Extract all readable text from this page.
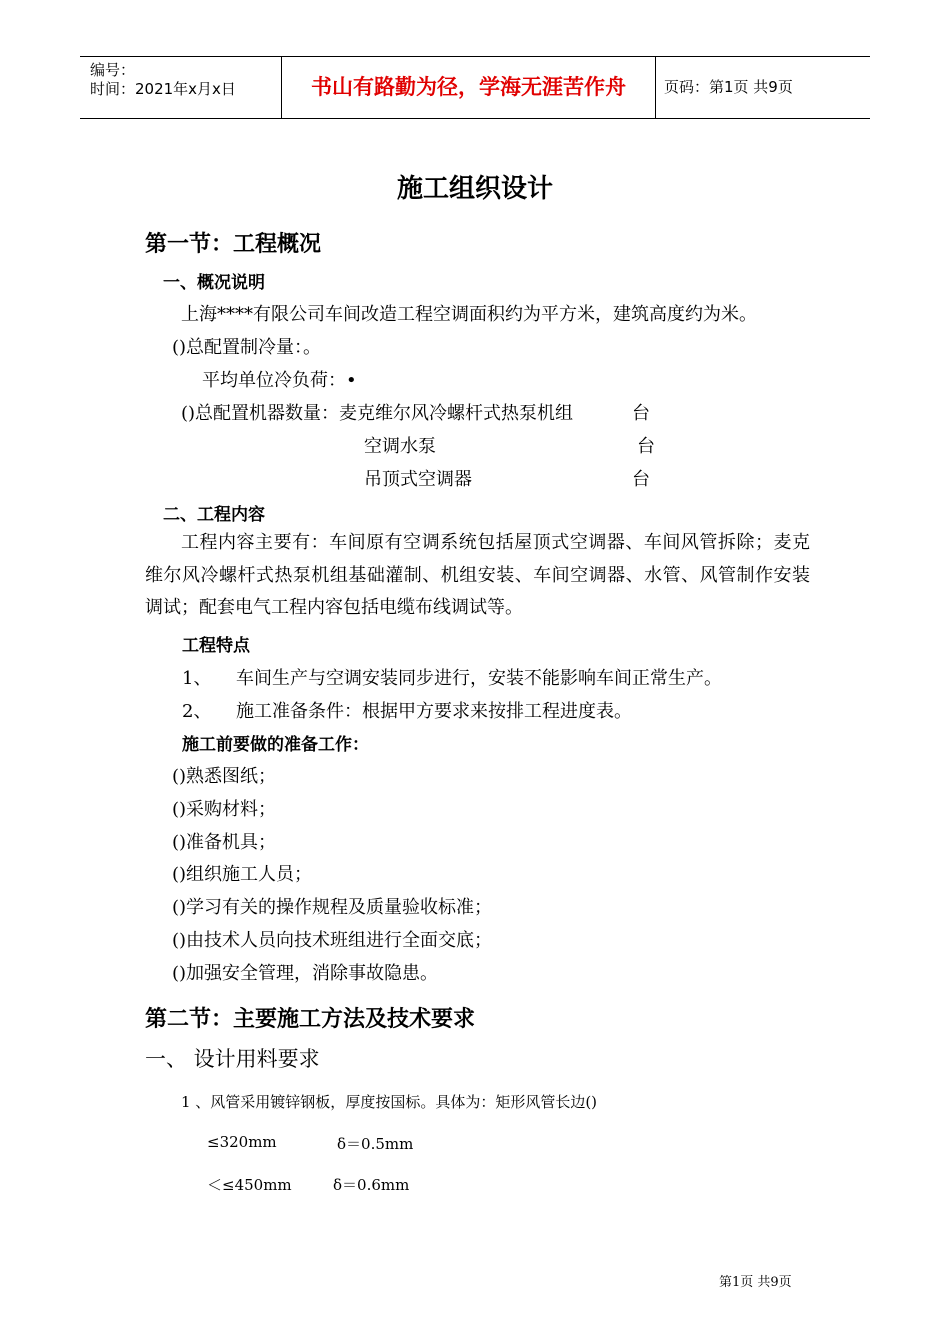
编号：
时间：2021年x月x日	书山有路勤为径，学海无涯苦作舟	页码：第1页 共9页
施工组织设计
第一节：工程概况
一、概况说明
上海****有限公司车间改造工程空调面积约为平方米，建筑高度约为米。
()总配置制冷量：。
平均单位冷负荷：•
()总配置机器数量：麦克维尔风冷螺杆式热泵机组	台
空调水泵	台
吊顶式空调器	台
二、工程内容
工程内容主要有：车间原有空调系统包括屋顶式空调器、车间风管拆除；麦克维尔风冷螺杆式热泵机组基础灌制、机组安装、车间空调器、水管、风管制作安装调试；配套电气工程内容包括电缆布线调试等。
工程特点
1、 车间生产与空调安装同步进行，安装不能影响车间正常生产。
2、 施工准备条件：根据甲方要求来按排工程进度表。
施工前要做的准备工作：
()熟悉图纸；
()采购材料；
()准备机具；
()组织施工人员；
()学习有关的操作规程及质量验收标准；
()由技术人员向技术班组进行全面交底；
()加强安全管理，消除事故隐患。
第二节：主要施工方法及技术要求
一、 设计用料要求
1 、风管采用镀锌钢板，厚度按国标。具体为：矩形风管长边()
≤320mm	δ＝0.5mm
＜≤450mm	δ＝0.6mm
第1页 共9页
